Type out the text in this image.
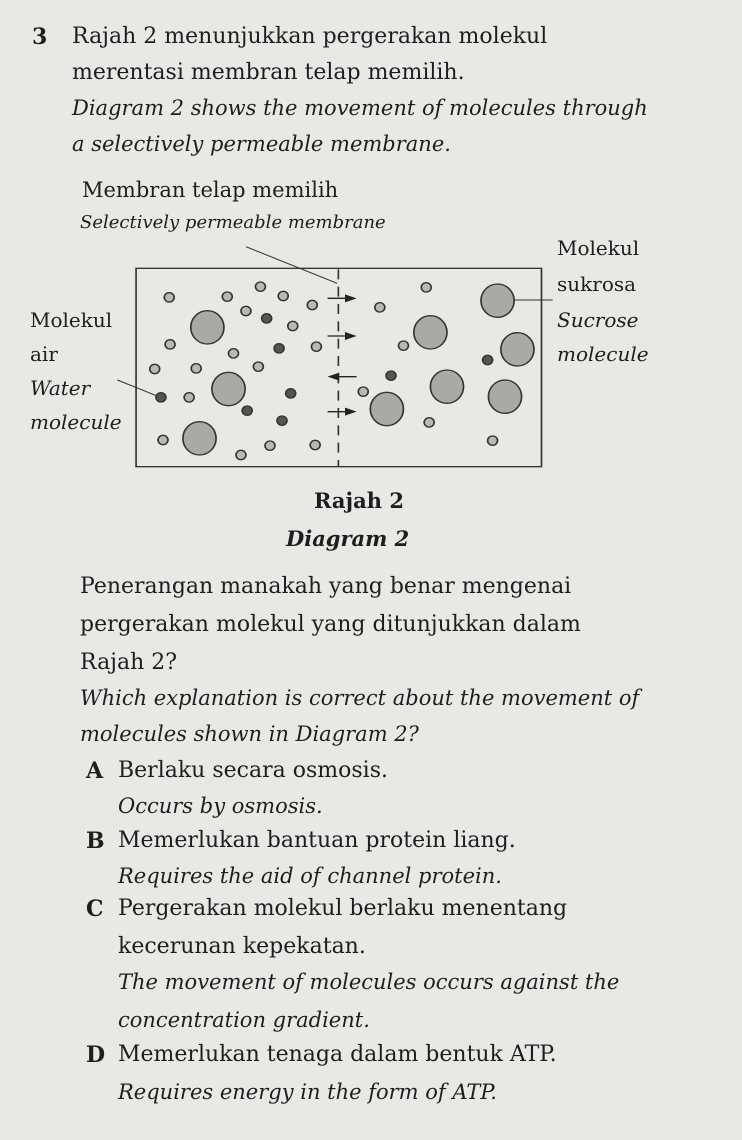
3 Rajah 2 menunjukkan pergerakan molekul
merentasi membran telap memilih.
Diagram 2 shows the movement of molecules through
a selectively permeable membrane.
Membran telap memilih
Selectively permeable membrane
Molekul
sukrosa
Sucrose
molecule
Molekul
air
Water
molecule
Rajah 2
Diagram 2
Penerangan manakah yang benar mengenai
pergerakan molekul yang ditunjukkan dalam
Rajah 2?
Which explanation is correct about the movement of
molecules shown in Diagram 2?
A Berlaku secara osmosis.
Occurs by osmosis.
B Memerlukan bantuan protein liang.
Requires the aid of channel protein.
C Pergerakan molekul berlaku menentang
kecerunan kepekatan.
The movement of molecules occurs against the
concentration gradient.
D Memerlukan tenaga dalam bentuk ATP.
Requires energy in the form of ATP.
